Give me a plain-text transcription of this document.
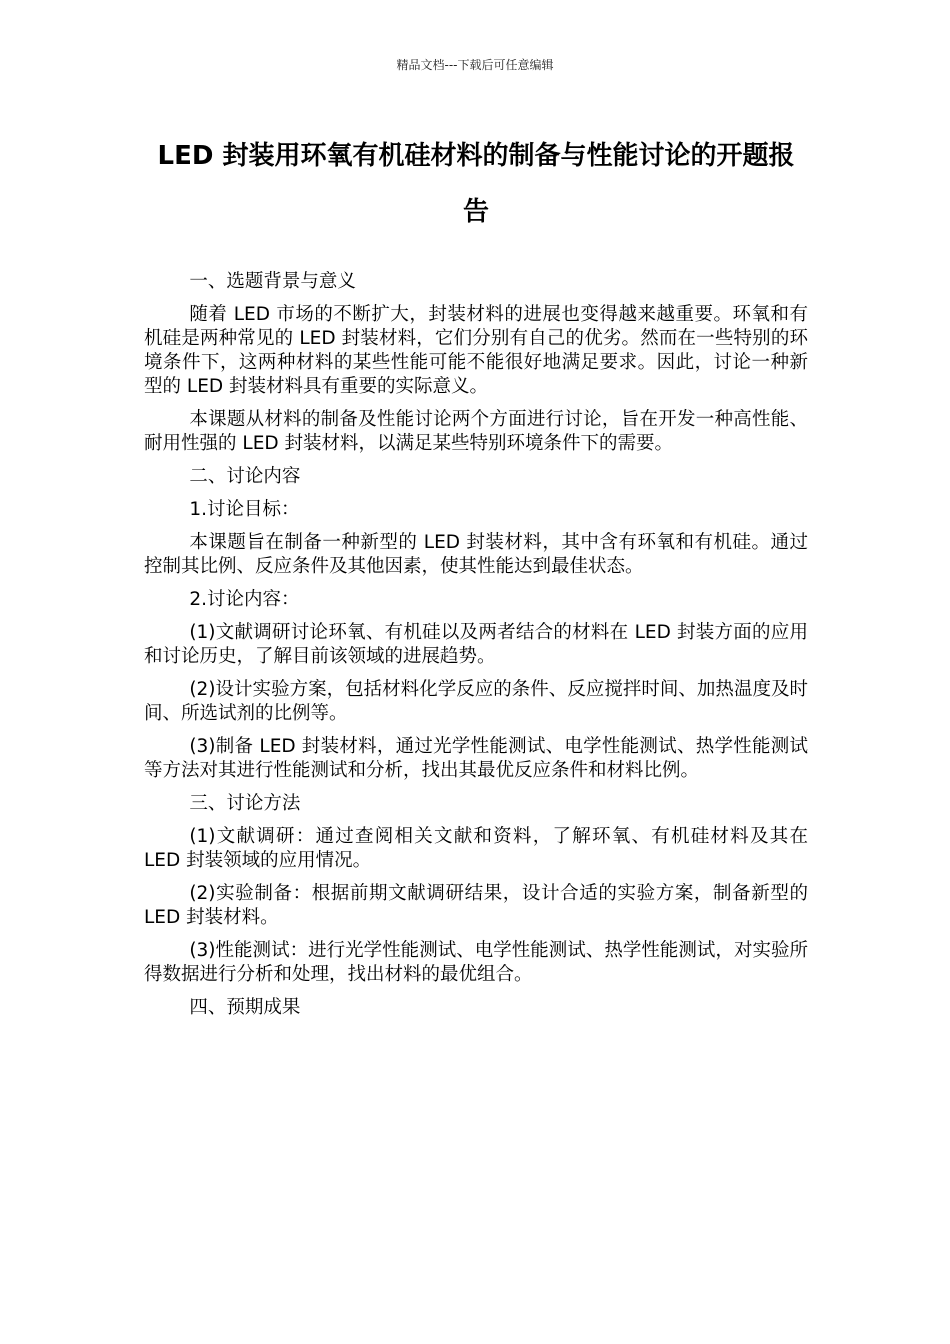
精品文档---下载后可任意编辑
LED 封装用环氧有机硅材料的制备与性能讨论的开题报告

一、选题背景与意义

随着 LED 市场的不断扩大，封装材料的进展也变得越来越重要。环氧和有机硅是两种常见的 LED 封装材料，它们分别有自己的优劣。然而在一些特别的环境条件下，这两种材料的某些性能可能不能很好地满足要求。因此，讨论一种新型的 LED 封装材料具有重要的实际意义。

本课题从材料的制备及性能讨论两个方面进行讨论，旨在开发一种高性能、耐用性强的 LED 封装材料，以满足某些特别环境条件下的需要。

二、讨论内容

1.讨论目标：

本课题旨在制备一种新型的 LED 封装材料，其中含有环氧和有机硅。通过控制其比例、反应条件及其他因素，使其性能达到最佳状态。

2.讨论内容：

(1)文献调研讨论环氧、有机硅以及两者结合的材料在 LED 封装方面的应用和讨论历史，了解目前该领域的进展趋势。

(2)设计实验方案，包括材料化学反应的条件、反应搅拌时间、加热温度及时间、所选试剂的比例等。

(3)制备 LED 封装材料，通过光学性能测试、电学性能测试、热学性能测试等方法对其进行性能测试和分析，找出其最优反应条件和材料比例。

三、讨论方法

(1)文献调研：通过查阅相关文献和资料，了解环氧、有机硅材料及其在 LED 封装领域的应用情况。

(2)实验制备：根据前期文献调研结果，设计合适的实验方案，制备新型的 LED 封装材料。

(3)性能测试：进行光学性能测试、电学性能测试、热学性能测试，对实验所得数据进行分析和处理，找出材料的最优组合。

四、预期成果
